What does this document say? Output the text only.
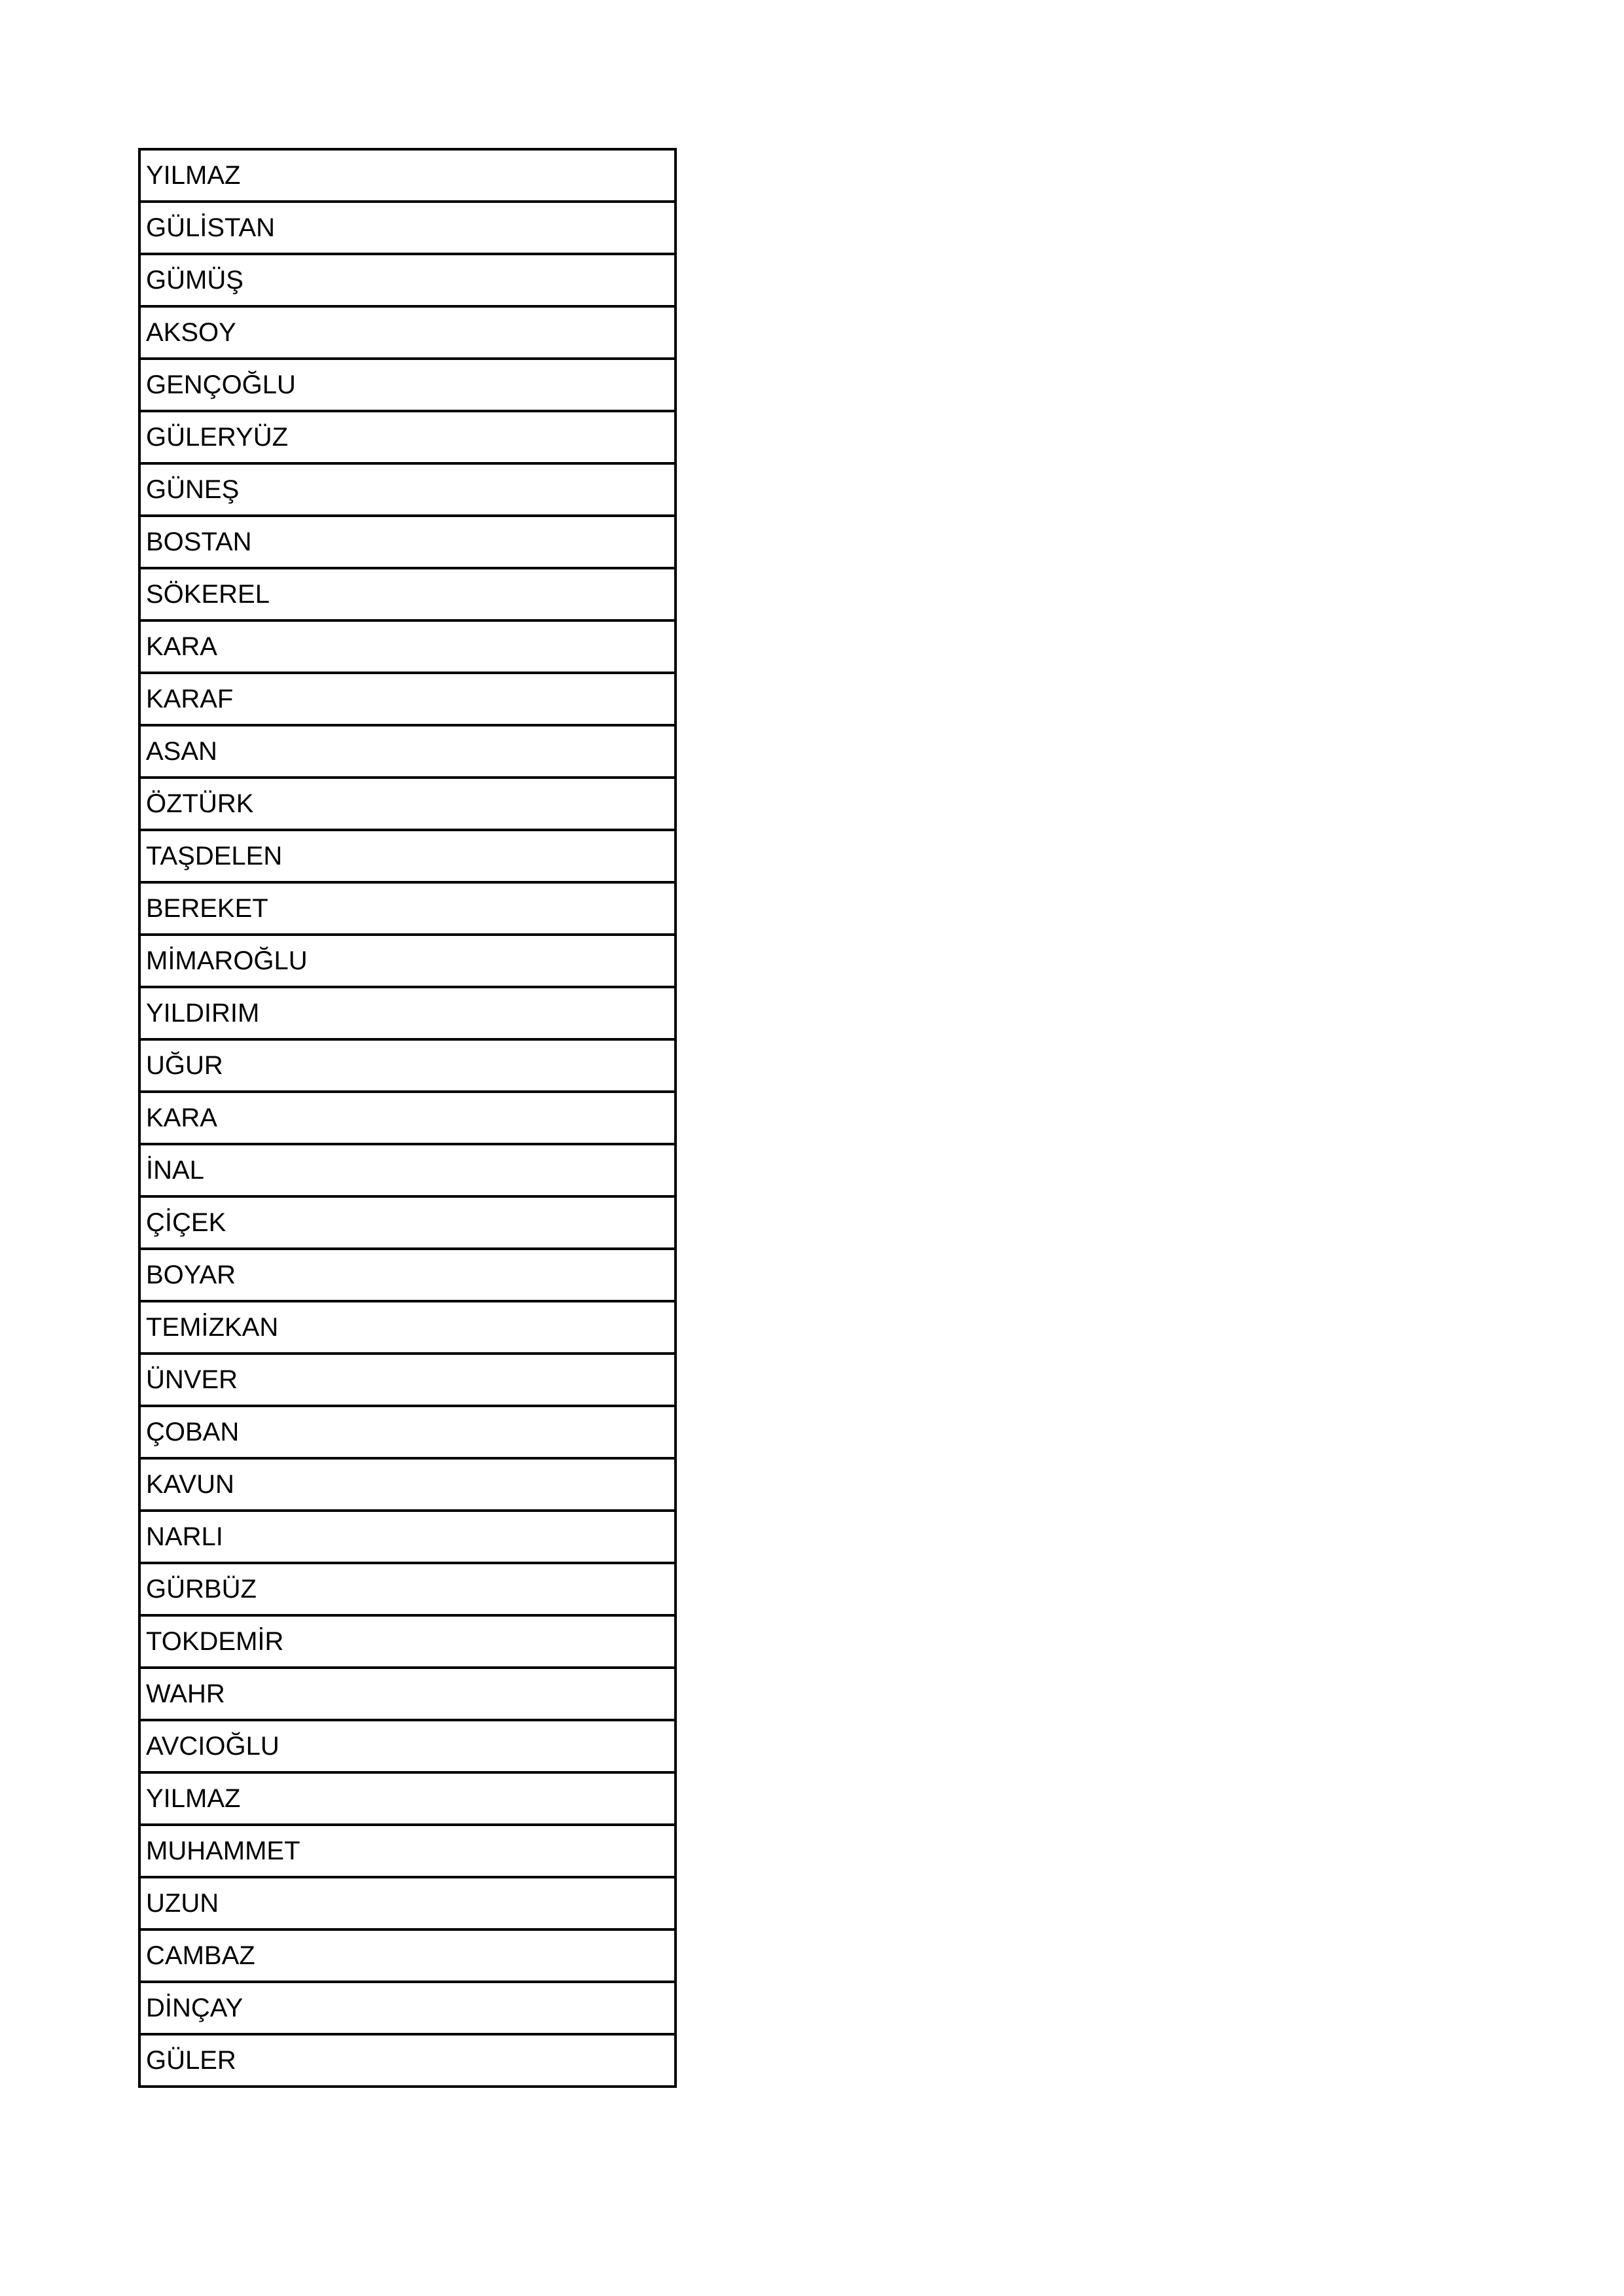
YILMAZ
GÜLİSTAN
GÜMÜŞ
AKSOY
GENÇOĞLU
GÜLERYÜZ
GÜNEŞ
BOSTAN
SÖKEREL
KARA
KARAF
ASAN
ÖZTÜRK
TAŞDELEN
BEREKET
MİMAROĞLU
YILDIRIM
UĞUR
KARA
İNAL
ÇİÇEK
BOYAR
TEMİZKAN
ÜNVER
ÇOBAN
KAVUN
NARLI
GÜRBÜZ
TOKDEMİR
WAHR
AVCIOĞLU
YILMAZ
MUHAMMET
UZUN
CAMBAZ
DİNÇAY
GÜLER
